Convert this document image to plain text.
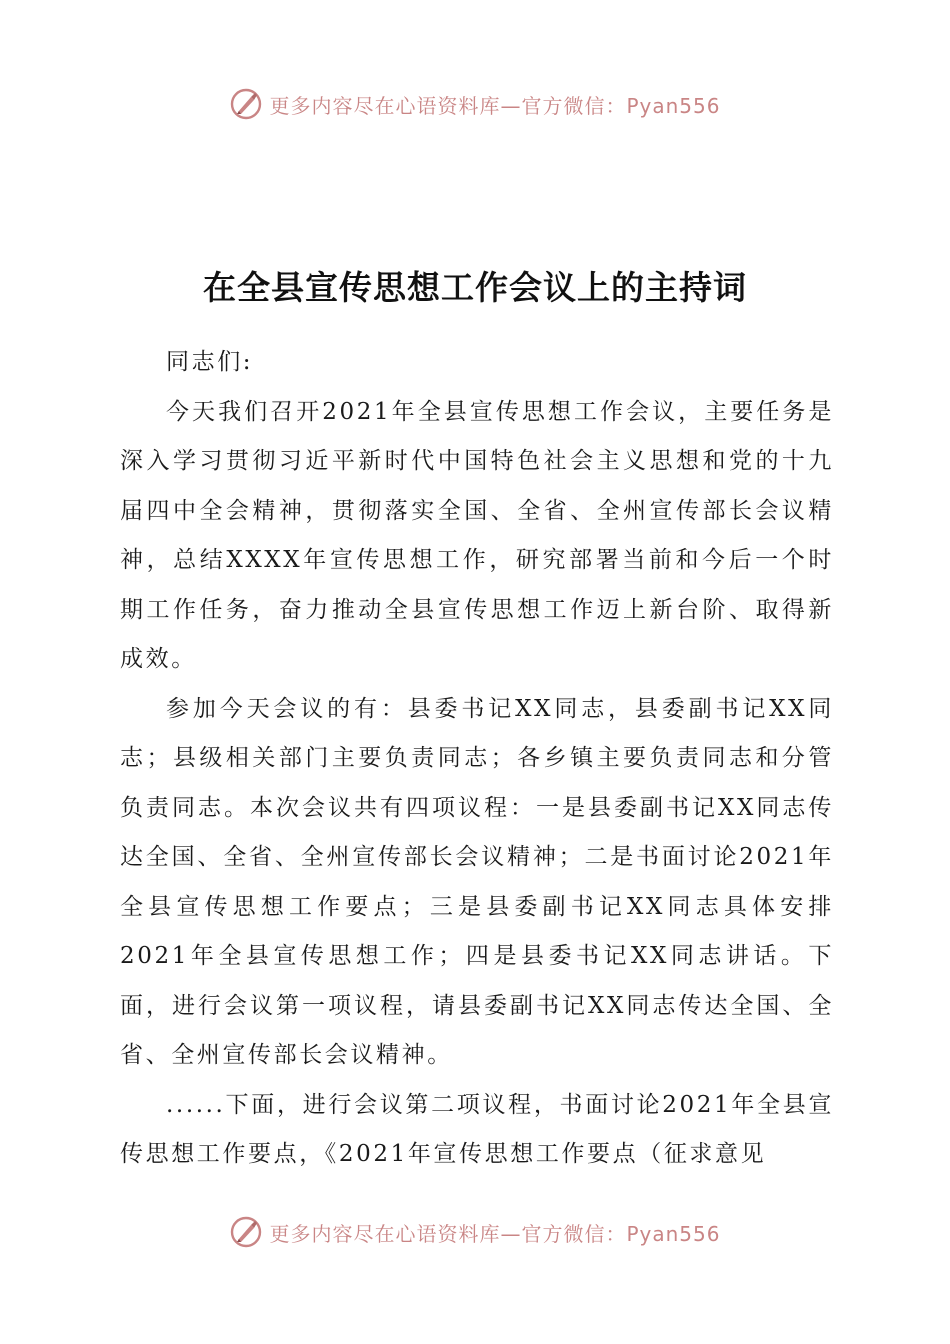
更多内容尽在心语资料库—官方微信：Pyan556
在全县宣传思想工作会议上的主持词

同志们:

今天我们召开2021年全县宣传思想工作会议，主要任务是深入学习贯彻习近平新时代中国特色社会主义思想和党的十九届四中全会精神，贯彻落实全国、全省、全州宣传部长会议精神，总结XXXX年宣传思想工作，研究部署当前和今后一个时期工作任务，奋力推动全县宣传思想工作迈上新台阶、取得新成效。

参加今天会议的有：县委书记XX同志，县委副书记XX同志；县级相关部门主要负责同志；各乡镇主要负责同志和分管负责同志。本次会议共有四项议程：一是县委副书记XX同志传达全国、全省、全州宣传部长会议精神；二是书面讨论2021年全县宣传思想工作要点；三是县委副书记XX同志具体安排2021年全县宣传思想工作；四是县委书记XX同志讲话。下面，进行会议第一项议程，请县委副书记XX同志传达全国、全省、全州宣传部长会议精神。

......下面，进行会议第二项议程，书面讨论2021年全县宣传思想工作要点，《2021年宣传思想工作要点（征求意见

更多内容尽在心语资料库—官方微信：Pyan556
